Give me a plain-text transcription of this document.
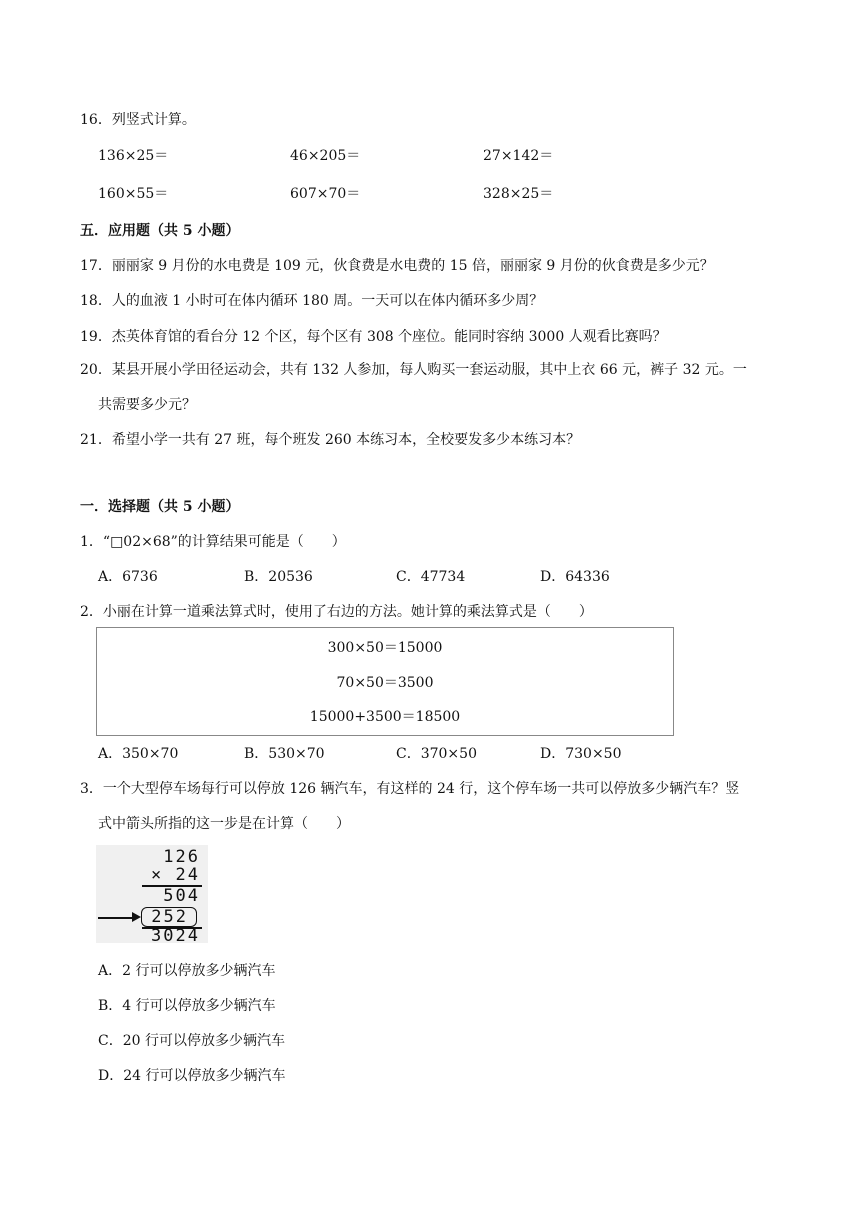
16．列竖式计算。
136×25＝	46×205＝	27×142＝
160×55＝	607×70＝	328×25＝
五．应用题（共 5 小题）
17．丽丽家 9 月份的水电费是 109 元，伙食费是水电费的 15 倍，丽丽家 9 月份的伙食费是多少元？
18．人的血液 1 小时可在体内循环 180 周。一天可以在体内循环多少周？
19．杰英体育馆的看台分 12 个区，每个区有 308 个座位。能同时容纳 3000 人观看比赛吗？
20．某县开展小学田径运动会，共有 132 人参加，每人购买一套运动服，其中上衣 66 元，裤子 32 元。一
共需要多少元？
21．希望小学一共有 27 班，每个班发 260 本练习本，全校要发多少本练习本？
一．选择题（共 5 小题）
1．“□02×68”的计算结果可能是（　　）
A．6736	B．20536	C．47734	D．64336
2．小丽在计算一道乘法算式时，使用了右边的方法。她计算的乘法算式是（　　）
300×50＝15000
70×50＝3500
15000+3500＝18500
A．350×70	B．530×70	C．370×50	D．730×50
3．一个大型停车场每行可以停放 126 辆汽车，有这样的 24 行，这个停车场一共可以停放多少辆汽车？竖
式中箭头所指的这一步是在计算（　　）
126
× 24
504
252
3024
A．2 行可以停放多少辆汽车
B．4 行可以停放多少辆汽车
C．20 行可以停放多少辆汽车
D．24 行可以停放多少辆汽车
